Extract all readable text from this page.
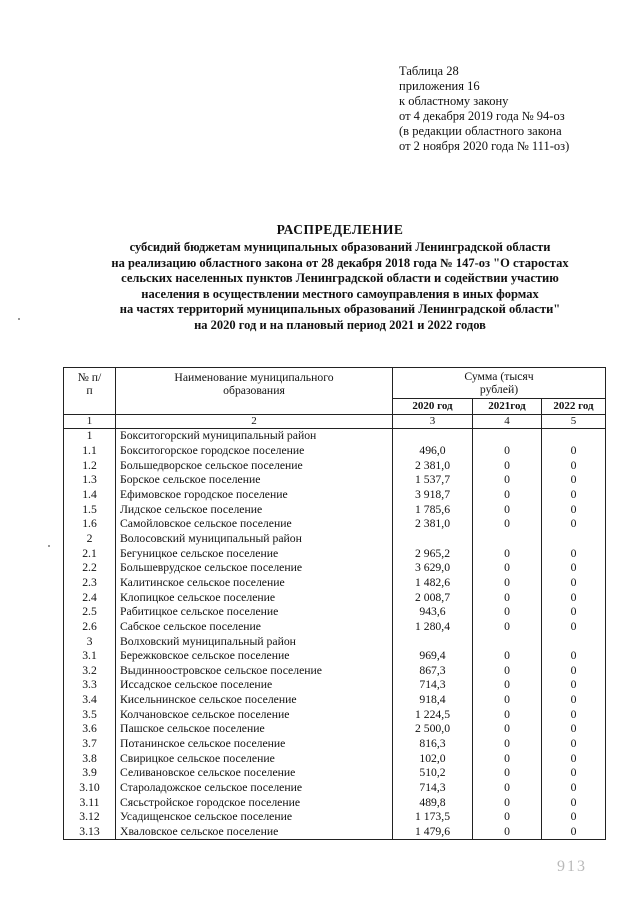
Таблица 28
приложения 16
к областному закону
от 4 декабря 2019 года № 94-оз
(в редакции областного закона
от 2 ноября 2020 года № 111-оз)
РАСПРЕДЕЛЕНИЕ
субсидий бюджетам муниципальных образований Ленинградской области
на реализацию областного закона от 28 декабря 2018 года № 147-оз "О старостах
сельских населенных пунктов Ленинградской области и содействии участию
населения в осуществлении местного самоуправления в иных формах
на частях территорий муниципальных образований Ленинградской области"
на 2020 год и на плановый период 2021 и 2022 годов
№ п/п	Наименование муниципального образования	Сумма (тысяч рублей)		

		2020 год	2021год	2022 год
1	2	3	4	5
1	Бокситогорский муниципальный район			
1.1	Бокситогорское городское поселение	496,0	0	0
1.2	Большедворское сельское поселение	2 381,0	0	0
1.3	Борское сельское поселение	1 537,7	0	0
1.4	Ефимовское городское поселение	3 918,7	0	0
1.5	Лидское сельское поселение	1 785,6	0	0
1.6	Самойловское сельское поселение	2 381,0	0	0
2	Волосовский муниципальный район			
2.1	Бегуницкое сельское поселение	2 965,2	0	0
2.2	Большеврудское сельское поселение	3 629,0	0	0
2.3	Калитинское сельское поселение	1 482,6	0	0
2.4	Клопицкое сельское поселение	2 008,7	0	0
2.5	Рабитицкое сельское поселение	943,6	0	0
2.6	Сабское сельское поселение	1 280,4	0	0
3	Волховский муниципальный район			
3.1	Бережковское сельское поселение	969,4	0	0
3.2	Выдинноостровское сельское поселение	867,3	0	0
3.3	Иссадское сельское поселение	714,3	0	0
3.4	Кисельнинское сельское поселение	918,4	0	0
3.5	Колчановское сельское поселение	1 224,5	0	0
3.6	Пашское сельское поселение	2 500,0	0	0
3.7	Потанинское сельское поселение	816,3	0	0
3.8	Свирицкое сельское поселение	102,0	0	0
3.9	Селивановское сельское поселение	510,2	0	0
3.10	Староладожское сельское поселение	714,3	0	0
3.11	Сясьстройское городское поселение	489,8	0	0
3.12	Усадищенское сельское поселение	1 173,5	0	0
3.13	Хваловское сельское поселение	1 479,6	0	0
913
